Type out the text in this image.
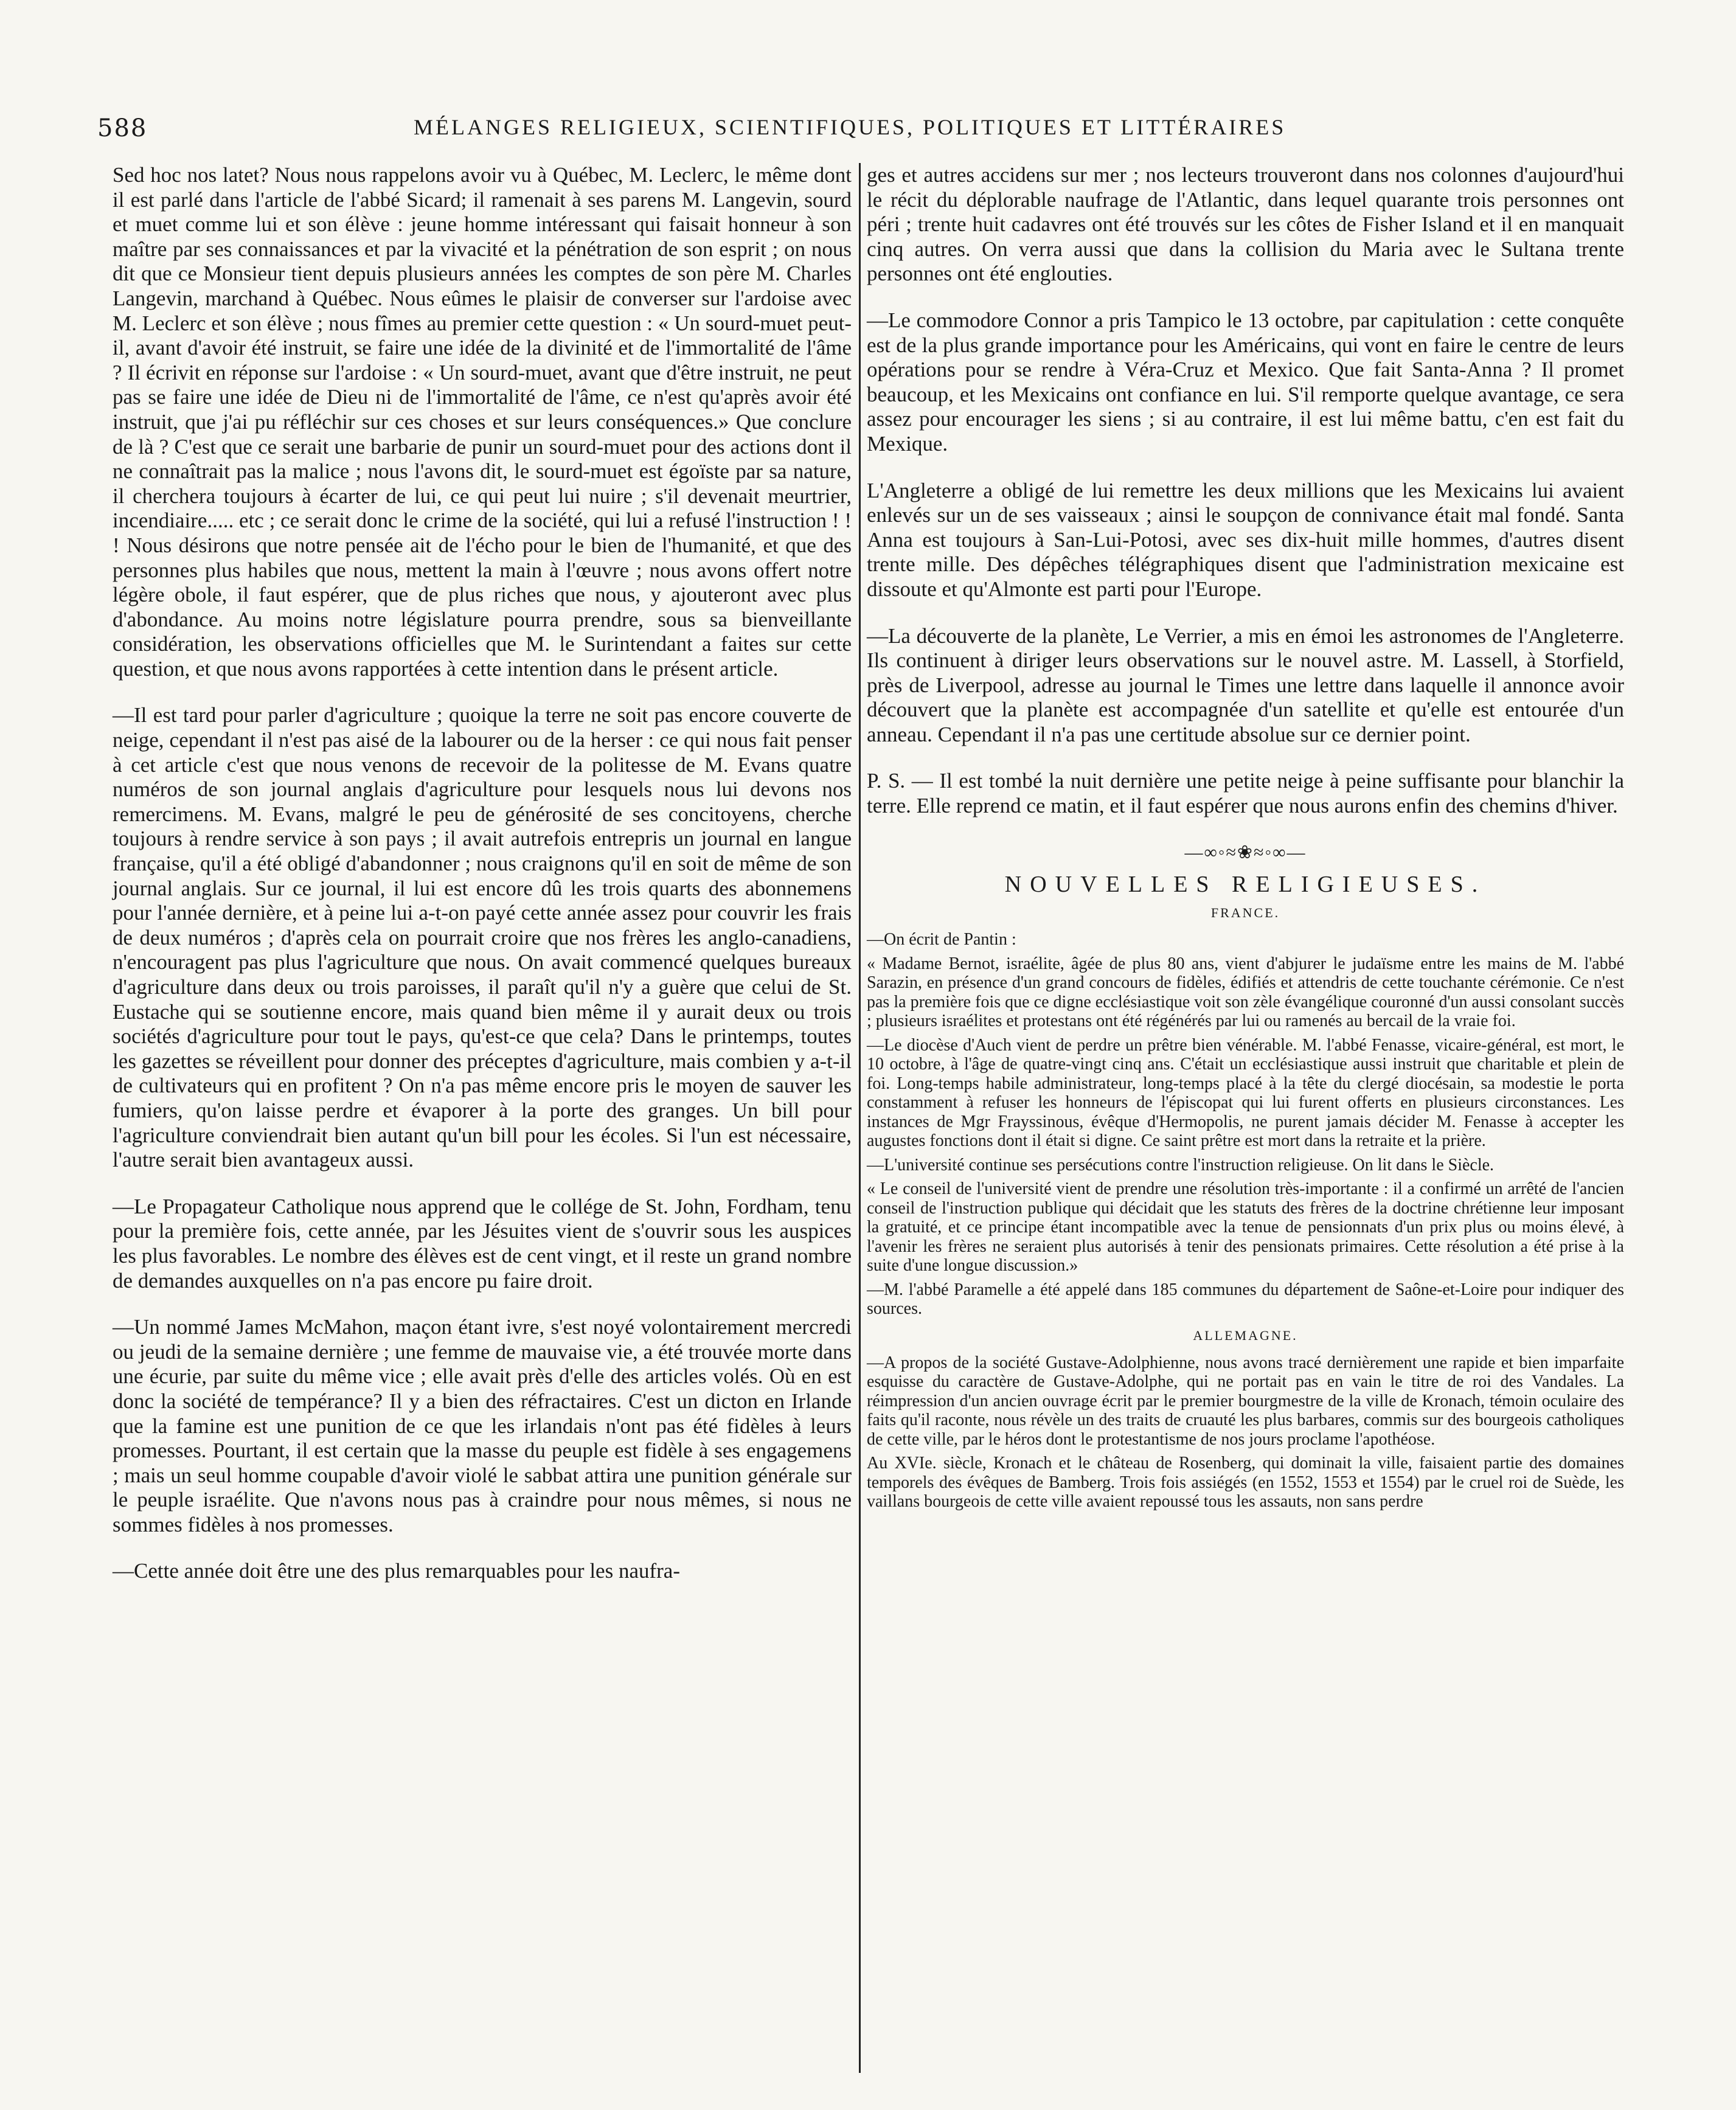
588	MÉLANGES RELIGIEUX, SCIENTIFIQUES, POLITIQUES ET LITTÉRAIRES

Sed hoc nos latet? Nous nous rappelons avoir vu à Québec, M. Leclerc, le même dont il est parlé dans l'article de l'abbé Sicard; il ramenait à ses parens M. Langevin, sourd et muet comme lui et son élève : jeune homme intéressant qui faisait honneur à son maître par ses connaissances et par la vivacité et la pénétration de son esprit ; on nous dit que ce Monsieur tient depuis plusieurs années les comptes de son père M. Charles Langevin, marchand à Québec. Nous eûmes le plaisir de converser sur l'ardoise avec M. Leclerc et son élève ; nous fîmes au premier cette question : « Un sourd-muet peut-il, avant d'avoir été instruit, se faire une idée de la divinité et de l'immortalité de l'âme ? Il écrivit en réponse sur l'ardoise : « Un sourd-muet, avant que d'être instruit, ne peut pas se faire une idée de Dieu ni de l'immortalité de l'âme, ce n'est qu'après avoir été instruit, que j'ai pu réfléchir sur ces choses et sur leurs conséquences.» Que conclure de là ? C'est que ce serait une barbarie de punir un sourd-muet pour des actions dont il ne connaîtrait pas la malice ; nous l'avons dit, le sourd-muet est égoïste par sa nature, il cherchera toujours à écarter de lui, ce qui peut lui nuire ; s'il devenait meurtrier, incendiaire..... etc ; ce serait donc le crime de la société, qui lui a refusé l'instruction ! ! ! Nous désirons que notre pensée ait de l'écho pour le bien de l'humanité, et que des personnes plus habiles que nous, mettent la main à l'œuvre ; nous avons offert notre légère obole, il faut espérer, que de plus riches que nous, y ajouteront avec plus d'abondance. Au moins notre législature pourra prendre, sous sa bienveillante considération, les observations officielles que M. le Surintendant a faites sur cette question, et que nous avons rapportées à cette intention dans le présent article.

—Il est tard pour parler d'agriculture ; quoique la terre ne soit pas encore couverte de neige, cependant il n'est pas aisé de la labourer ou de la herser : ce qui nous fait penser à cet article c'est que nous venons de recevoir de la politesse de M. Evans quatre numéros de son journal anglais d'agriculture pour lesquels nous lui devons nos remercimens. M. Evans, malgré le peu de générosité de ses concitoyens, cherche toujours à rendre service à son pays ; il avait autrefois entrepris un journal en langue française, qu'il a été obligé d'abandonner ; nous craignons qu'il en soit de même de son journal anglais. Sur ce journal, il lui est encore dû les trois quarts des abonnemens pour l'année dernière, et à peine lui a-t-on payé cette année assez pour couvrir les frais de deux numéros ; d'après cela on pourrait croire que nos frères les anglo-canadiens, n'encouragent pas plus l'agriculture que nous. On avait commencé quelques bureaux d'agriculture dans deux ou trois paroisses, il paraît qu'il n'y a guère que celui de St. Eustache qui se soutienne encore, mais quand bien même il y aurait deux ou trois sociétés d'agriculture pour tout le pays, qu'est-ce que cela? Dans le printemps, toutes les gazettes se réveillent pour donner des préceptes d'agriculture, mais combien y a-t-il de cultivateurs qui en profitent ? On n'a pas même encore pris le moyen de sauver les fumiers, qu'on laisse perdre et évaporer à la porte des granges. Un bill pour l'agriculture conviendrait bien autant qu'un bill pour les écoles. Si l'un est nécessaire, l'autre serait bien avantageux aussi.

—Le Propagateur Catholique nous apprend que le collége de St. John, Fordham, tenu pour la première fois, cette année, par les Jésuites vient de s'ouvrir sous les auspices les plus favorables. Le nombre des élèves est de cent vingt, et il reste un grand nombre de demandes auxquelles on n'a pas encore pu faire droit.

—Un nommé James McMahon, maçon étant ivre, s'est noyé volontairement mercredi ou jeudi de la semaine dernière ; une femme de mauvaise vie, a été trouvée morte dans une écurie, par suite du même vice ; elle avait près d'elle des articles volés. Où en est donc la société de tempérance? Il y a bien des réfractaires. C'est un dicton en Irlande que la famine est une punition de ce que les irlandais n'ont pas été fidèles à leurs promesses. Pourtant, il est certain que la masse du peuple est fidèle à ses engagemens ; mais un seul homme coupable d'avoir violé le sabbat attira une punition générale sur le peuple israélite. Que n'avons nous pas à craindre pour nous mêmes, si nous ne sommes fidèles à nos promesses.

—Cette année doit être une des plus remarquables pour les naufra-

ges et autres accidens sur mer ; nos lecteurs trouveront dans nos colonnes d'aujourd'hui le récit du déplorable naufrage de l'Atlantic, dans lequel quarante trois personnes ont péri ; trente huit cadavres ont été trouvés sur les côtes de Fisher Island et il en manquait cinq autres. On verra aussi que dans la collision du Maria avec le Sultana trente personnes ont été englouties.

—Le commodore Connor a pris Tampico le 13 octobre, par capitulation : cette conquête est de la plus grande importance pour les Américains, qui vont en faire le centre de leurs opérations pour se rendre à Véra-Cruz et Mexico. Que fait Santa-Anna ? Il promet beaucoup, et les Mexicains ont confiance en lui. S'il remporte quelque avantage, ce sera assez pour encourager les siens ; si au contraire, il est lui même battu, c'en est fait du Mexique.

L'Angleterre a obligé de lui remettre les deux millions que les Mexicains lui avaient enlevés sur un de ses vaisseaux ; ainsi le soupçon de connivance était mal fondé. Santa Anna est toujours à San-Lui-Potosi, avec ses dix-huit mille hommes, d'autres disent trente mille. Des dépêches télégraphiques disent que l'administration mexicaine est dissoute et qu'Almonte est parti pour l'Europe.

—La découverte de la planète, Le Verrier, a mis en émoi les astronomes de l'Angleterre. Ils continuent à diriger leurs observations sur le nouvel astre. M. Lassell, à Storfield, près de Liverpool, adresse au journal le Times une lettre dans laquelle il annonce avoir découvert que la planète est accompagnée d'un satellite et qu'elle est entourée d'un anneau. Cependant il n'a pas une certitude absolue sur ce dernier point.

P. S. — Il est tombé la nuit dernière une petite neige à peine suffisante pour blanchir la terre. Elle reprend ce matin, et il faut espérer que nous aurons enfin des chemins d'hiver.

—∞◦≈❀≈◦∞—
NOUVELLES RELIGIEUSES.
FRANCE.

—On écrit de Pantin :

« Madame Bernot, israélite, âgée de plus 80 ans, vient d'abjurer le judaïsme entre les mains de M. l'abbé Sarazin, en présence d'un grand concours de fidèles, édifiés et attendris de cette touchante cérémonie. Ce n'est pas la première fois que ce digne ecclésiastique voit son zèle évangélique couronné d'un aussi consolant succès ; plusieurs israélites et protestans ont été régénérés par lui ou ramenés au bercail de la vraie foi.

—Le diocèse d'Auch vient de perdre un prêtre bien vénérable. M. l'abbé Fenasse, vicaire-général, est mort, le 10 octobre, à l'âge de quatre-vingt cinq ans. C'était un ecclésiastique aussi instruit que charitable et plein de foi. Long-temps habile administrateur, long-temps placé à la tête du clergé diocésain, sa modestie le porta constamment à refuser les honneurs de l'épiscopat qui lui furent offerts en plusieurs circonstances. Les instances de Mgr Frayssinous, évêque d'Hermopolis, ne purent jamais décider M. Fenasse à accepter les augustes fonctions dont il était si digne. Ce saint prêtre est mort dans la retraite et la prière.

—L'université continue ses persécutions contre l'instruction religieuse. On lit dans le Siècle.

« Le conseil de l'université vient de prendre une résolution très-importante : il a confirmé un arrêté de l'ancien conseil de l'instruction publique qui décidait que les statuts des frères de la doctrine chrétienne leur imposant la gratuité, et ce principe étant incompatible avec la tenue de pensionnats d'un prix plus ou moins élevé, à l'avenir les frères ne seraient plus autorisés à tenir des pensionats primaires. Cette résolution a été prise à la suite d'une longue discussion.»

—M. l'abbé Paramelle a été appelé dans 185 communes du département de Saône-et-Loire pour indiquer des sources.

ALLEMAGNE.

—A propos de la société Gustave-Adolphienne, nous avons tracé dernièrement une rapide et bien imparfaite esquisse du caractère de Gustave-Adolphe, qui ne portait pas en vain le titre de roi des Vandales. La réimpression d'un ancien ouvrage écrit par le premier bourgmestre de la ville de Kronach, témoin oculaire des faits qu'il raconte, nous révèle un des traits de cruauté les plus barbares, commis sur des bourgeois catholiques de cette ville, par le héros dont le protestantisme de nos jours proclame l'apothéose.

Au XVIe. siècle, Kronach et le château de Rosenberg, qui dominait la ville, faisaient partie des domaines temporels des évêques de Bamberg. Trois fois assiégés (en 1552, 1553 et 1554) par le cruel roi de Suède, les vaillans bourgeois de cette ville avaient repoussé tous les assauts, non sans perdre
